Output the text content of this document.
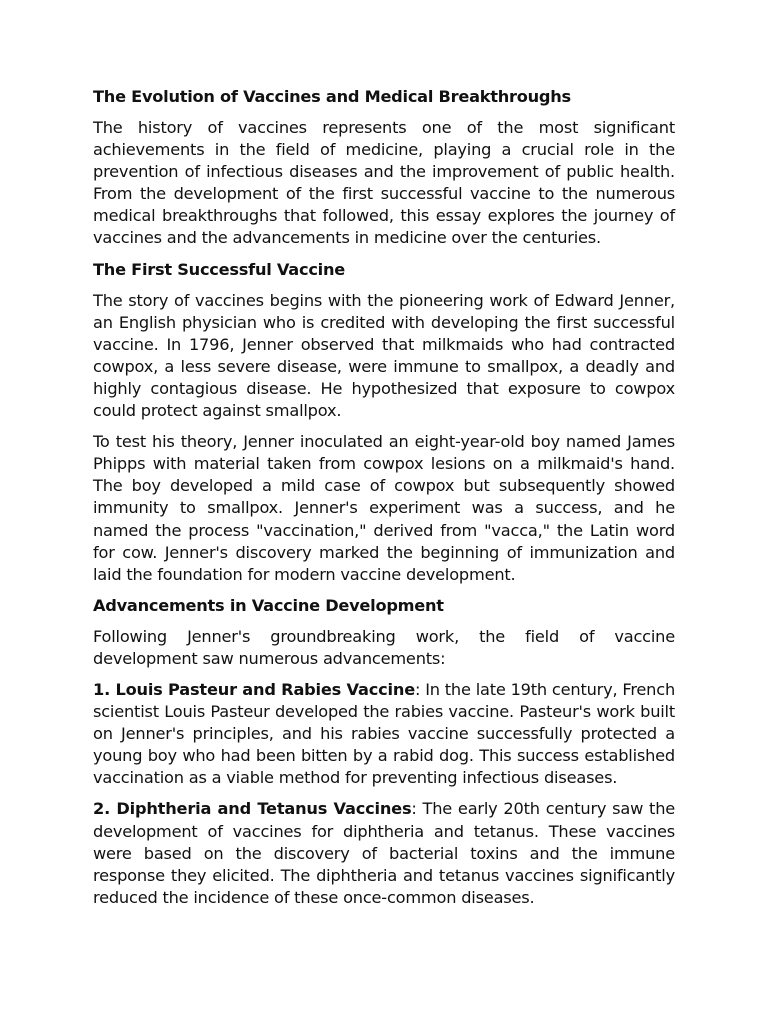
The Evolution of Vaccines and Medical Breakthroughs

The history of vaccines represents one of the most significant achievements in the field of medicine, playing a crucial role in the prevention of infectious diseases and the improvement of public health. From the development of the first successful vaccine to the numerous medical breakthroughs that followed, this essay explores the journey of vaccines and the advancements in medicine over the centuries.

The First Successful Vaccine

The story of vaccines begins with the pioneering work of Edward Jenner, an English physician who is credited with developing the first successful vaccine. In 1796, Jenner observed that milkmaids who had contracted cowpox, a less severe disease, were immune to smallpox, a deadly and highly contagious disease. He hypothesized that exposure to cowpox could protect against smallpox.

To test his theory, Jenner inoculated an eight-year-old boy named James Phipps with material taken from cowpox lesions on a milkmaid's hand. The boy developed a mild case of cowpox but subsequently showed immunity to smallpox. Jenner's experiment was a success, and he named the process "vaccination," derived from "vacca," the Latin word for cow. Jenner's discovery marked the beginning of immunization and laid the foundation for modern vaccine development.

Advancements in Vaccine Development

Following Jenner's groundbreaking work, the field of vaccine development saw numerous advancements:

1. Louis Pasteur and Rabies Vaccine: In the late 19th century, French scientist Louis Pasteur developed the rabies vaccine. Pasteur's work built on Jenner's principles, and his rabies vaccine successfully protected a young boy who had been bitten by a rabid dog. This success established vaccination as a viable method for preventing infectious diseases.

2. Diphtheria and Tetanus Vaccines: The early 20th century saw the development of vaccines for diphtheria and tetanus. These vaccines were based on the discovery of bacterial toxins and the immune response they elicited. The diphtheria and tetanus vaccines significantly reduced the incidence of these once-common diseases.
